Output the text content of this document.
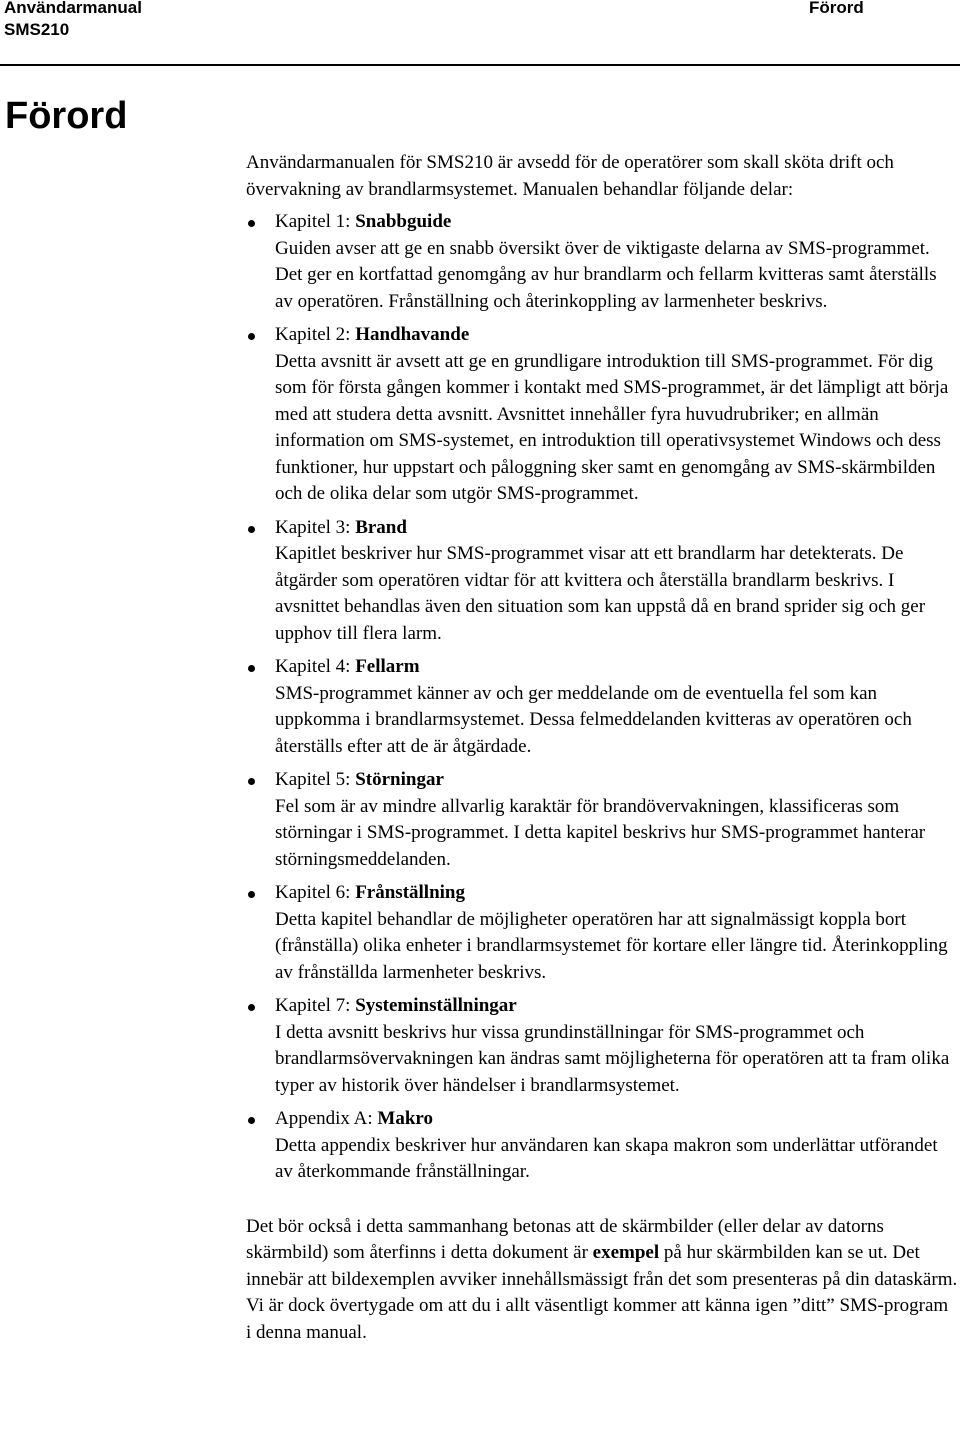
Användarmanual
SMS210
Förord
Förord

Användarmanualen för SMS210 är avsedd för de operatörer som skall sköta drift och övervakning av brandlarmsystemet. Manualen behandlar följande delar:

Kapitel 1: Snabbguide
Guiden avser att ge en snabb översikt över de viktigaste delarna av SMS-programmet. Det ger en kortfattad genomgång av hur brandlarm och fellarm kvitteras samt återställs av operatören. Frånställning och återinkoppling av larmenheter beskrivs.
Kapitel 2: Handhavande
Detta avsnitt är avsett att ge en grundligare introduktion till SMS-programmet. För dig som för första gången kommer i kontakt med SMS-programmet, är det lämpligt att börja med att studera detta avsnitt. Avsnittet innehåller fyra huvudrubriker; en allmän information om SMS-systemet, en introduktion till operativsystemet Windows och dess funktioner, hur uppstart och påloggning sker samt en genomgång av SMS-skärmbilden och de olika delar som utgör SMS-programmet.
Kapitel 3: Brand
Kapitlet beskriver hur SMS-programmet visar att ett brandlarm har detekterats. De åtgärder som operatören vidtar för att kvittera och återställa brandlarm beskrivs. I avsnittet behandlas även den situation som kan uppstå då en brand sprider sig och ger upphov till flera larm.
Kapitel 4: Fellarm
SMS-programmet känner av och ger meddelande om de eventuella fel som kan uppkomma i brandlarmsystemet. Dessa felmeddelanden kvitteras av operatören och återställs efter att de är åtgärdade.
Kapitel 5: Störningar
Fel som är av mindre allvarlig karaktär för brandövervakningen, klassificeras som störningar i SMS-programmet. I detta kapitel beskrivs hur SMS-programmet hanterar störningsmeddelanden.
Kapitel 6: Frånställning
Detta kapitel behandlar de möjligheter operatören har att signalmässigt koppla bort (frånställa) olika enheter i brandlarmsystemet för kortare eller längre tid. Återinkoppling av frånställda larmenheter beskrivs.
Kapitel 7: Systeminställningar
I detta avsnitt beskrivs hur vissa grundinställningar för SMS-programmet och brandlarmsövervakningen kan ändras samt möjligheterna för operatören att ta fram olika typer av historik över händelser i brandlarmsystemet.
Appendix A: Makro
Detta appendix beskriver hur användaren kan skapa makron som underlättar utförandet av återkommande frånställningar.

Det bör också i detta sammanhang betonas att de skärmbilder (eller delar av datorns skärmbild) som återfinns i detta dokument är exempel på hur skärmbilden kan se ut. Det innebär att bildexemplen avviker innehållsmässigt från det som presenteras på din dataskärm. Vi är dock övertygade om att du i allt väsentligt kommer att känna igen ”ditt” SMS-program i denna manual.
